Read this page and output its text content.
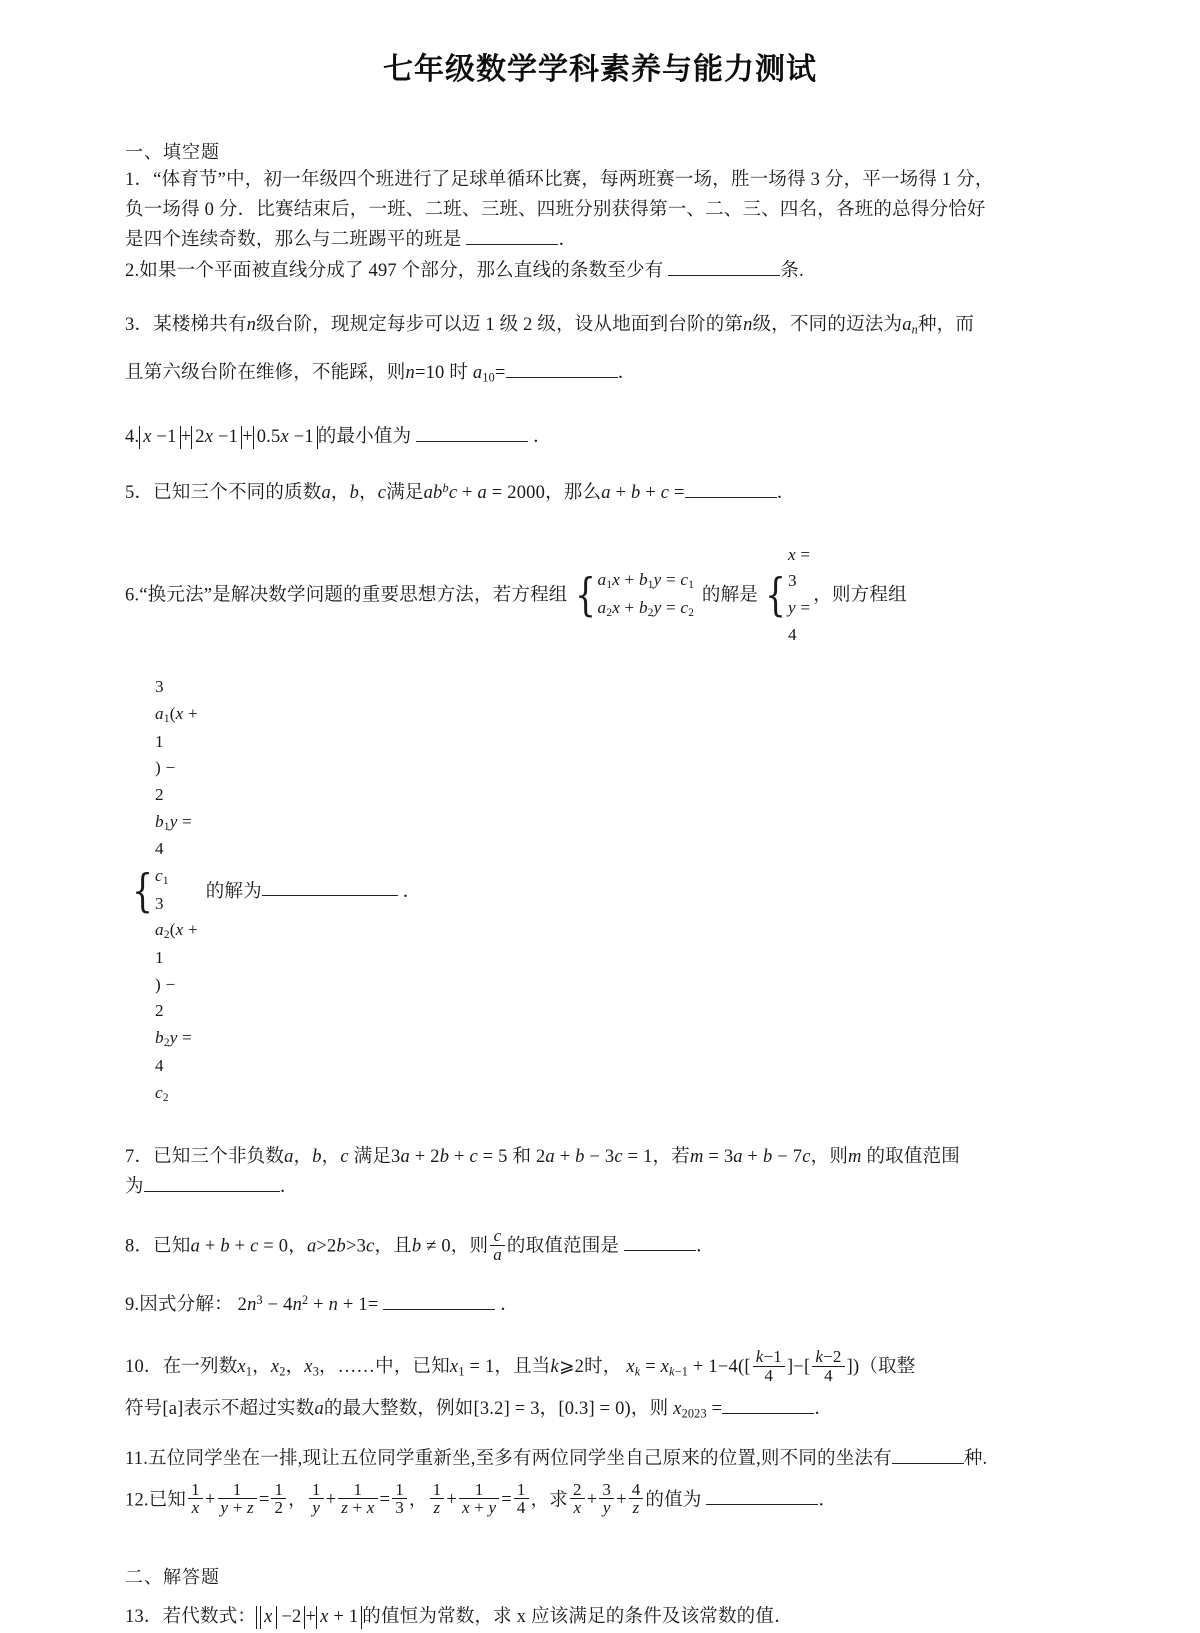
七年级数学学科素养与能力测试
一、填空题
1．“体育节”中，初一年级四个班进行了足球单循环比赛，每两班赛一场，胜一场得 3 分，平一场得 1 分，
负一场得 0 分．比赛结束后，一班、二班、三班、四班分别获得第一、二、三、四名，各班的总得分恰好
是四个连续奇数，那么与二班踢平的班是	．
2.如果一个平面被直线分成了 497 个部分，那么直线的条数至少有	条.
3．某楼梯共有n级台阶，现规定每步可以迈 1 级 2 级，设从地面到台阶的第n级，不同的迈法为$a_n$种，而
且第六级台阶在维修，不能踩，则n=10 时 $a_{10}=$	．
4. x −1 + 2x −1 + 0.5x −1 的最小值为	．
5．已知三个不同的质数a，b，c满足$ab^bc + a = 2000$，那么a + b + c =	．
6.“换元法”是解决数学问题的重要思想方法，若方程组 { $a_1x + b_1y = c_1$
$a_2x + b_2y = c_2$
的解是 {
x =
3
y =
4
，则方程组
{
3
$a_1(x$ +
1
) −
2
$b_1y$ =
4
$c_1$
3
$a_2(x$ +
1
) −
2
$b_2y$ =
4
$c_2$
的解为	．
7．已知三个非负数a，b，c 满足3a + 2b + c = 5 和 2a + b − 3c = 1，若m = 3a + b − 7c，则m 的取值范围
为	．
8．已知a + b + c = 0，a>2b>3c，且b ≠ 0，则 $\frac{c}{a}$ 的取值范围是	．
9.因式分解： $2n^3 - 4n^2 + n + 1=$	．
10．在一列数$x_1$，$x_2$，$x_3$，……中，已知$x_1 = 1$，且当k⩾2时， $x_k = x_{k-1} + 1-4([ \frac{k-1}{4}$ ]−[ $\frac{k-2}{4}$ ])（取整
符号[a]表示不超过实数a的最大整数，例如[3.2] = 3，[0.3] = 0)，则 $x_{2023}$ =	．
11.五位同学坐在一排,现让五位同学重新坐,至多有两位同学坐自己原来的位置,则不同的坐法有	种.
12.已知 $\frac{1}{x} + \frac{1}{y + z} = \frac{1}{2}$ ， $\frac{1}{y} + \frac{1}{z + x} = \frac{1}{3}$ ， $\frac{1}{z} + \frac{1}{x + y} = \frac{1}{4}$ ，求 $\frac{2}{x} + \frac{3}{y} + \frac{4}{z}$ 的值为	．
二、解答题
13．若代数式： x −2 + x + 1 的值恒为常数，求 x 应该满足的条件及该常数的值．
